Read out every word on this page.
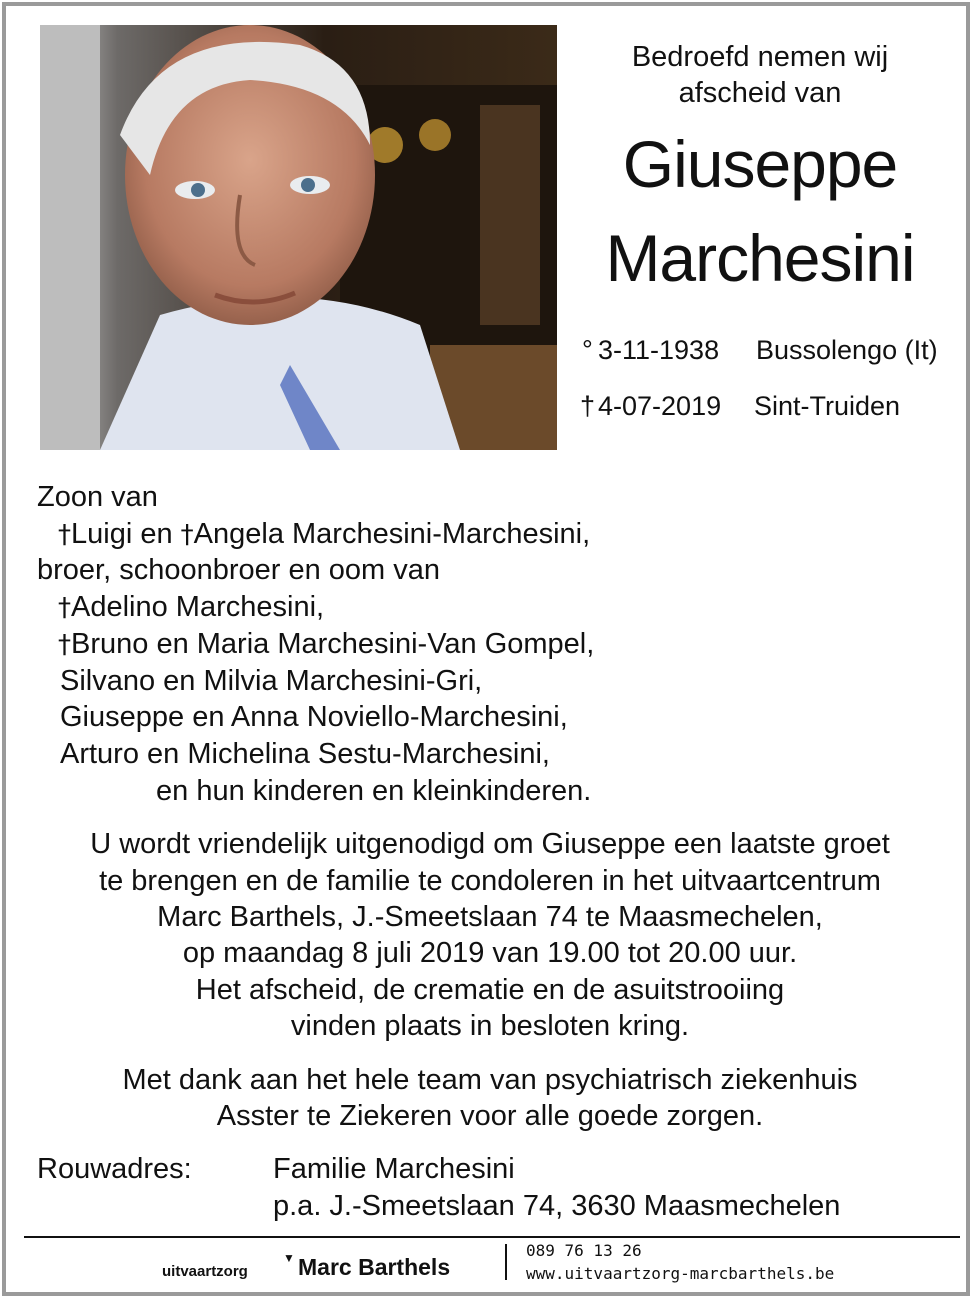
Bedroefd nemen wij
afscheid van
Giuseppe
Marchesini
° 3-11-1938 Bussolengo (It)
† 4-07-2019 Sint-Truiden
Zoon van
†Luigi en †Angela Marchesini-Marchesini,
broer, schoonbroer en oom van
†Adelino Marchesini,
†Bruno en Maria Marchesini-Van Gompel,
Silvano en Milvia Marchesini-Gri,
Giuseppe en Anna Noviello-Marchesini,
Arturo en Michelina Sestu-Marchesini,
en hun kinderen en kleinkinderen.
U wordt vriendelijk uitgenodigd om Giuseppe een laatste groet
te brengen en de familie te condoleren in het uitvaartcentrum
Marc Barthels, J.-Smeetslaan 74 te Maasmechelen,
op maandag 8 juli 2019 van 19.00 tot 20.00 uur.
Het afscheid, de crematie en de asuitstrooiing
vinden plaats in besloten kring.
Met dank aan het hele team van psychiatrisch ziekenhuis
Asster te Ziekeren voor alle goede zorgen.
Rouwadres:	Familie Marchesini
p.a. J.-Smeetslaan 74, 3630 Maasmechelen
uitvaartzorg
▼ Marc Barthels
089 76 13 26
www.uitvaartzorg-marcbarthels.be
